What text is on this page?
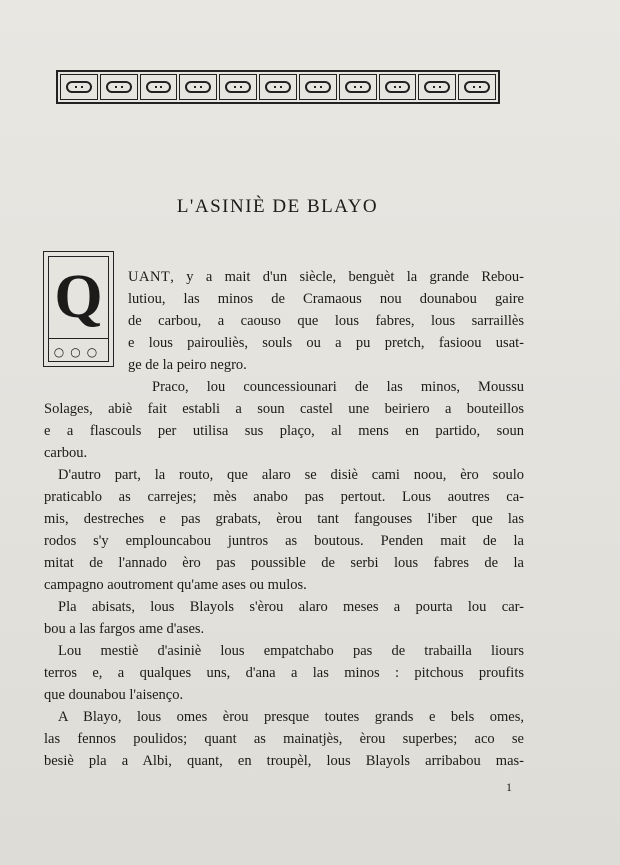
L'ASINIÈ DE BLAYO
Q
○○○
UANT, y a mait d'un siècle, benguèt la grande Rebou-
lutiou, las minos de Cramaous nou dounabou gaire
de carbou, a caouso que lous fabres, lous sarraillès
e lous pairouliès, souls ou a pu pretch, fasioou usat-
ge de la peiro negro.
Praco, lou councessiounari de las minos, Moussu
Solages, abiè fait establi a soun castel une beiriero a bouteillos
e a flascouls per utilisa sus plaço, al mens en partido, soun
carbou.
D'autro part, la routo, que alaro se disiè cami noou, èro soulo
praticablo as carrejes; mès anabo pas pertout. Lous aoutres ca-
mis, destreches e pas grabats, èrou tant fangouses l'iber que las
rodos s'y emplouncabou juntros as boutous. Penden mait de la
mitat de l'annado èro pas poussible de serbi lous fabres de la
campagno aoutroment qu'ame ases ou mulos.
Pla abisats, lous Blayols s'èrou alaro meses a pourta lou car-
bou a las fargos ame d'ases.
Lou mestiè d'asiniè lous empatchabo pas de trabailla liours
terros e, a qualques uns, d'ana a las minos : pitchous proufits
que dounabou l'aisenço.
A Blayo, lous omes èrou presque toutes grands e bels omes,
las fennos poulidos; quant as mainatjès, èrou superbes; aco se
besiè pla a Albi, quant, en troupèl, lous Blayols arribabou mas-
1
